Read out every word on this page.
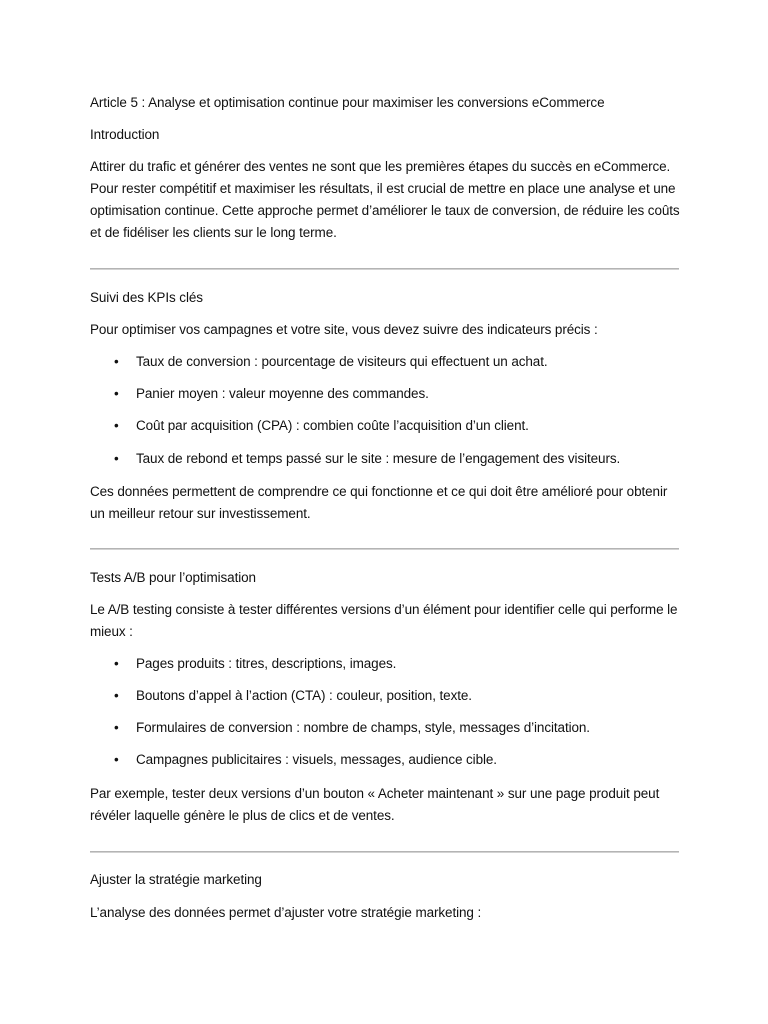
Article 5 : Analyse et optimisation continue pour maximiser les conversions eCommerce

Introduction

Attirer du trafic et générer des ventes ne sont que les premières étapes du succès en eCommerce. Pour rester compétitif et maximiser les résultats, il est crucial de mettre en place une analyse et une optimisation continue. Cette approche permet d’améliorer le taux de conversion, de réduire les coûts et de fidéliser les clients sur le long terme.

Suivi des KPIs clés

Pour optimiser vos campagnes et votre site, vous devez suivre des indicateurs précis :

• Taux de conversion : pourcentage de visiteurs qui effectuent un achat.
• Panier moyen : valeur moyenne des commandes.
• Coût par acquisition (CPA) : combien coûte l’acquisition d’un client.
• Taux de rebond et temps passé sur le site : mesure de l’engagement des visiteurs.

Ces données permettent de comprendre ce qui fonctionne et ce qui doit être amélioré pour obtenir un meilleur retour sur investissement.

Tests A/B pour l’optimisation

Le A/B testing consiste à tester différentes versions d’un élément pour identifier celle qui performe le mieux :

• Pages produits : titres, descriptions, images.
• Boutons d’appel à l’action (CTA) : couleur, position, texte.
• Formulaires de conversion : nombre de champs, style, messages d’incitation.
• Campagnes publicitaires : visuels, messages, audience cible.

Par exemple, tester deux versions d’un bouton « Acheter maintenant » sur une page produit peut révéler laquelle génère le plus de clics et de ventes.

Ajuster la stratégie marketing

L’analyse des données permet d’ajuster votre stratégie marketing :
